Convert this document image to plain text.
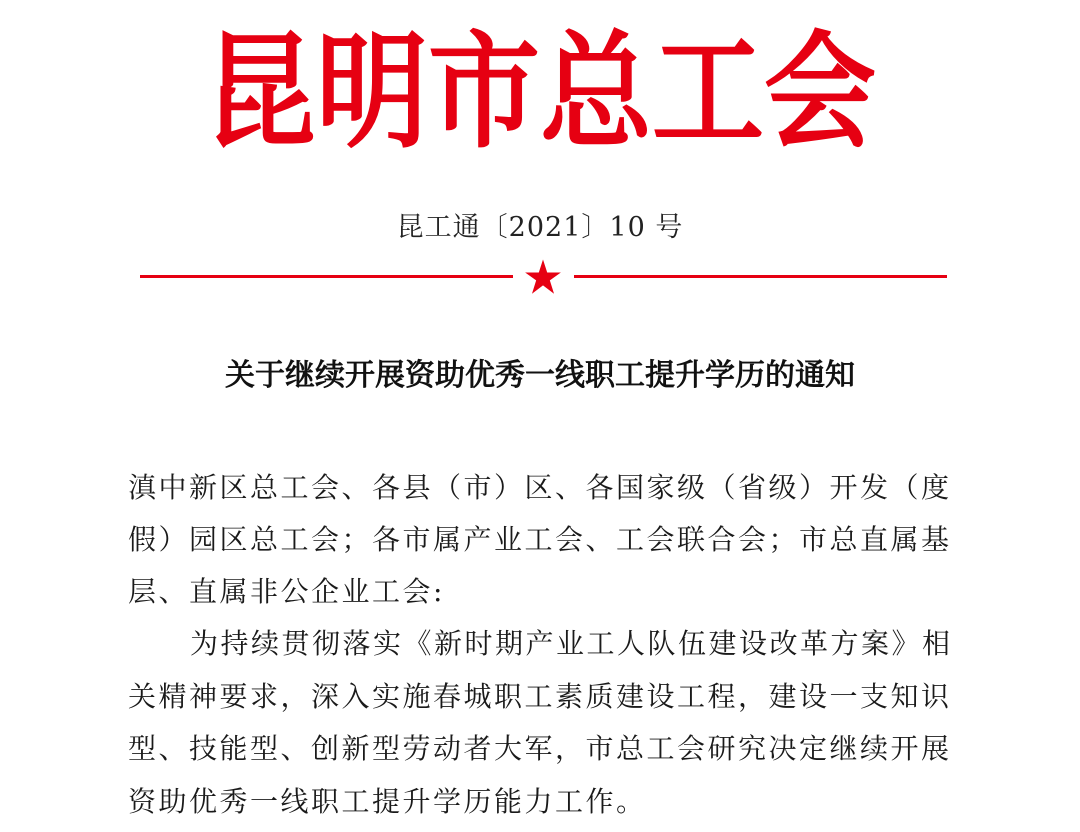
昆 明 市 总 工 会
昆工通〔2021〕10 号
关于继续开展资助优秀一线职工提升学历的通知
滇中新区总工会、各县（市）区、各国家级（省级）开发（度假）园区总工会；各市属产业工会、工会联合会；市总直属基层、直属非公企业工会:
为持续贯彻落实《新时期产业工人队伍建设改革方案》相关精神要求，深入实施春城职工素质建设工程，建设一支知识型、技能型、创新型劳动者大军，市总工会研究决定继续开展资助优秀一线职工提升学历能力工作。
